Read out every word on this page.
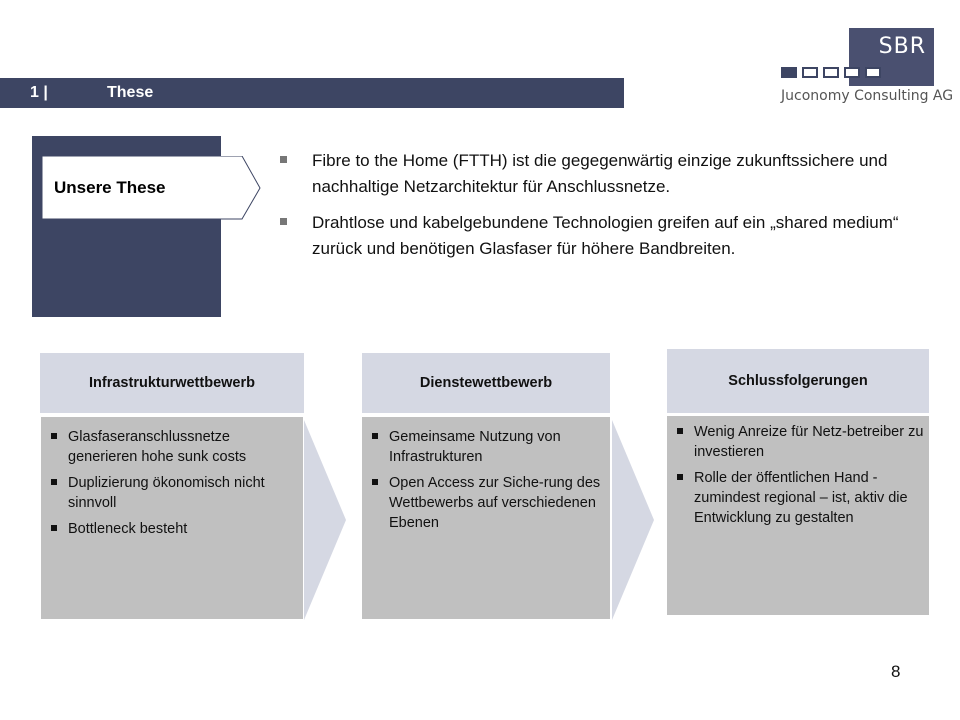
1 |	These
SBR
Juconomy Consulting AG
Unsere These
Fibre to the Home (FTTH) ist die gegegenwärtig einzige zukunftssichere und nachhaltige Netzarchitektur für Anschlussnetze.
Drahtlose und kabelgebundene Technologien greifen auf ein „shared medium“ zurück und benötigen Glasfaser für höhere Bandbreiten.
Infrastrukturwettbewerb
Glasfaseranschlussnetze generieren hohe sunk costs
Duplizierung ökonomisch nicht sinnvoll
Bottleneck besteht
Dienstewettbewerb
Gemeinsame Nutzung von Infrastrukturen
Open Access zur Siche-rung des Wettbewerbs auf verschiedenen Ebenen
Schlussfolgerungen
Wenig Anreize für Netz-betreiber zu investieren
Rolle der öffentlichen Hand - zumindest regional – ist, aktiv die Entwicklung zu gestalten
8
